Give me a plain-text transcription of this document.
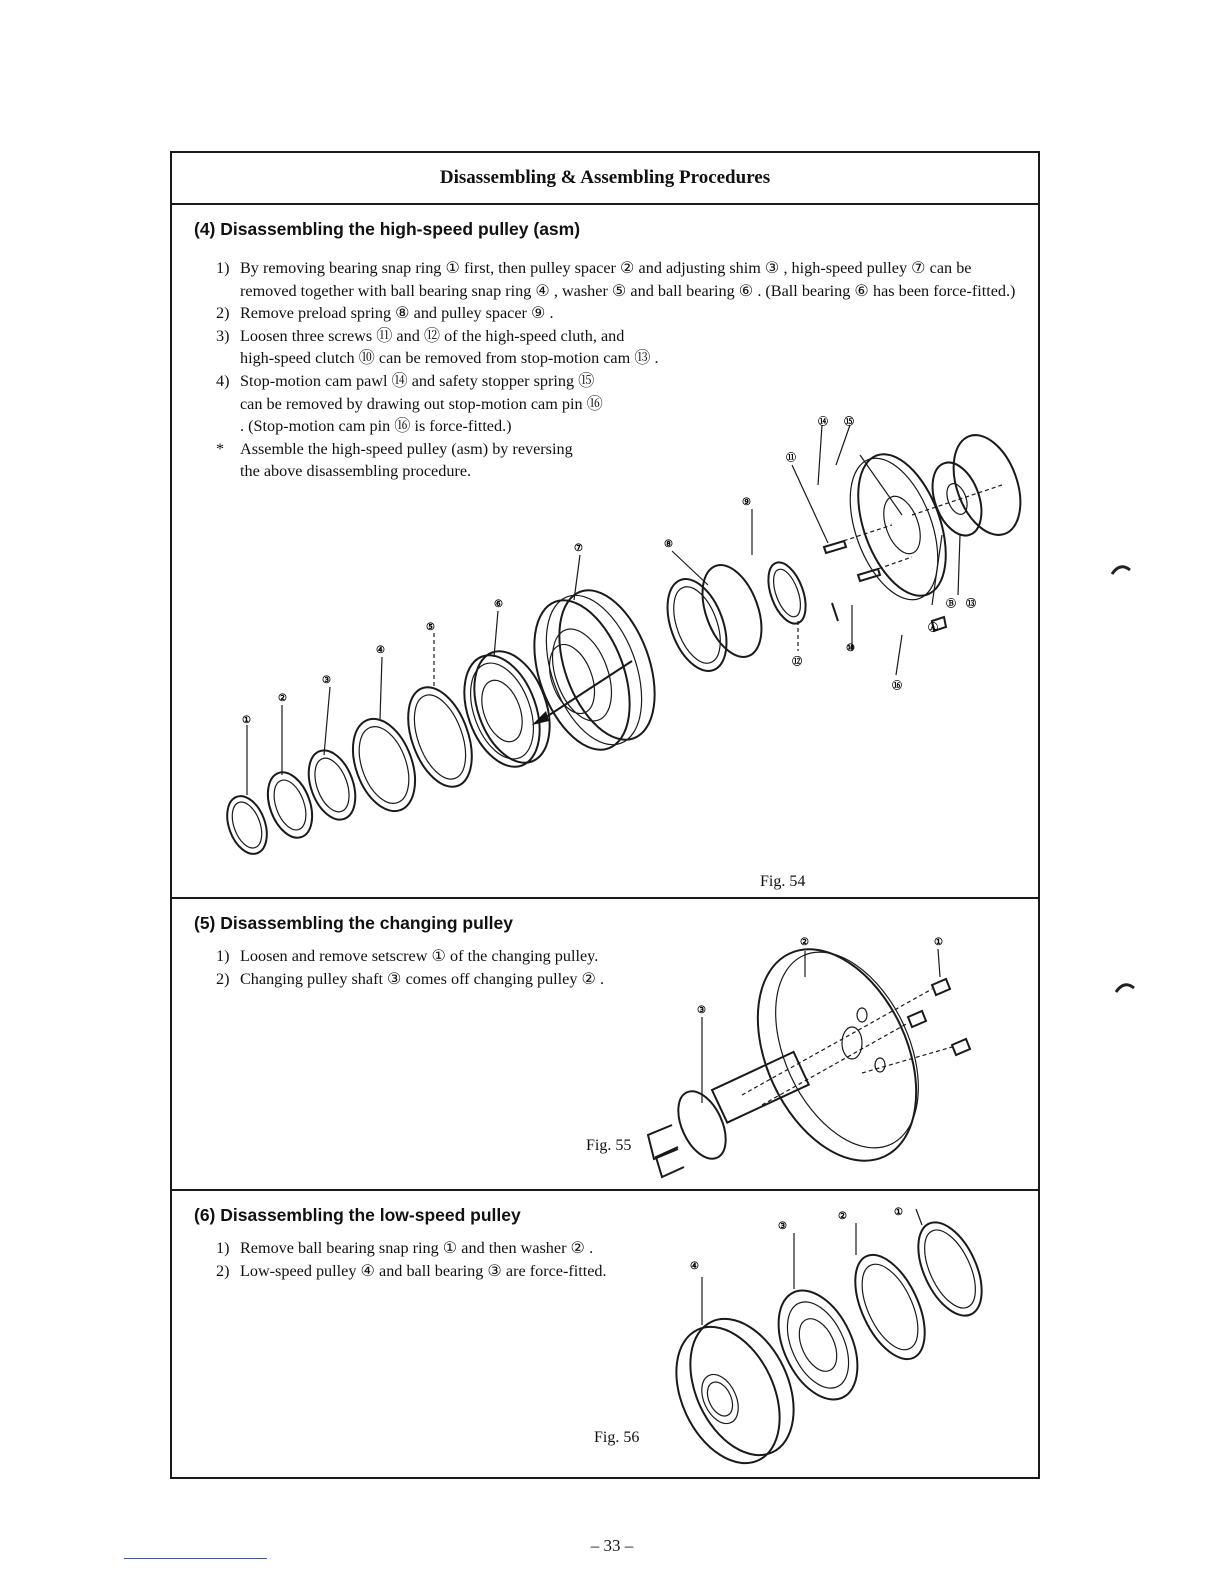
Disassembling & Assembling Procedures
(4) Disassembling the high-speed pulley (asm)
1) By removing bearing snap ring ① first, then pulley spacer ② and adjusting shim ③ , high-speed pulley ⑦ can be removed together with ball bearing snap ring ④ , washer ⑤ and ball bearing ⑥ . (Ball bearing ⑥ has been force-fitted.)
2) Remove preload spring ⑧ and pulley spacer ⑨ .
3) Loosen three screws ⑪ and ⑫ of the high-speed cluth, and high-speed clutch ⑩ can be removed from stop-motion cam ⑬ .
4) Stop-motion cam pawl ⑭ and safety stopper spring ⑮ can be removed by drawing out stop-motion cam pin ⑯ . (Stop-motion cam pin ⑯ is force-fitted.)
* Assemble the high-speed pulley (asm) by reversing the above disassembling procedure.
①
②
③
④
⑤
⑥
⑦	⑧
⑨
⑩
⑪
⑫
⑬
⑭ ⑮
⑯
Ⓐ
Ⓑ
Fig. 54
(5) Disassembling the changing pulley
1) Loosen and remove setscrew ① of the changing pulley.
2) Changing pulley shaft ③ comes off changing pulley ② .
①
②
③
Fig. 55
(6) Disassembling the low-speed pulley
1) Remove ball bearing snap ring ① and then washer ② .
2) Low-speed pulley ④ and ball bearing ③ are force-fitted.
①
②
③
④
Fig. 56
– 33 –
